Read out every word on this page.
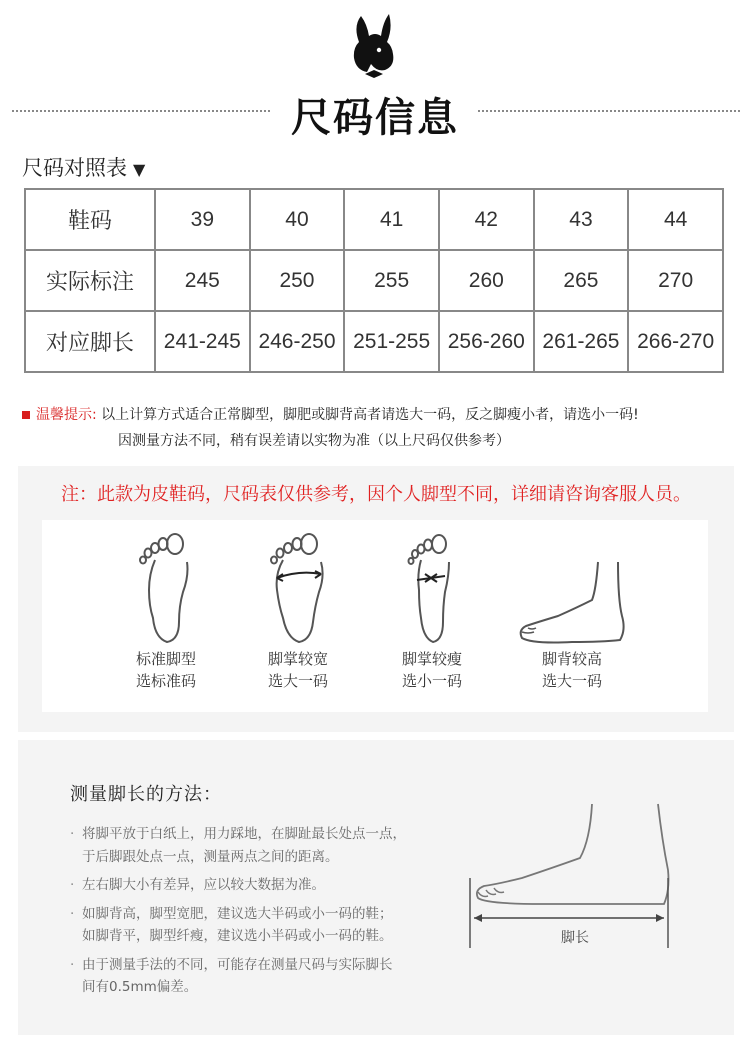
尺码信息
尺码对照表 ▼
鞋码	39	40	41	42	43	44
实际标注	245	250	255	260	265	270
对应脚长	241-245	246-250	251-255	256-260	261-265	266-270
温馨提示: 以上计算方式适合正常脚型，脚肥或脚背高者请选大一码，反之脚瘦小者，请选小一码!
因测量方法不同，稍有误差请以实物为准（以上尺码仅供参考）
注：此款为皮鞋码，尺码表仅供参考，因个人脚型不同，详细请咨询客服人员。
标准脚型
选标准码
脚掌较宽
选大一码
脚掌较瘦
选小一码
脚背较高
选大一码
测量脚长的方法：
· 将脚平放于白纸上，用力踩地，在脚趾最长处点一点，
于后脚跟处点一点，测量两点之间的距离。
· 左右脚大小有差异，应以较大数据为准。
· 如脚背高，脚型宽肥，建议选大半码或小一码的鞋；
如脚背平，脚型纤瘦，建议选小半码或小一码的鞋。
· 由于测量手法的不同，可能存在测量尺码与实际脚长
间有0.5mm偏差。
脚长
